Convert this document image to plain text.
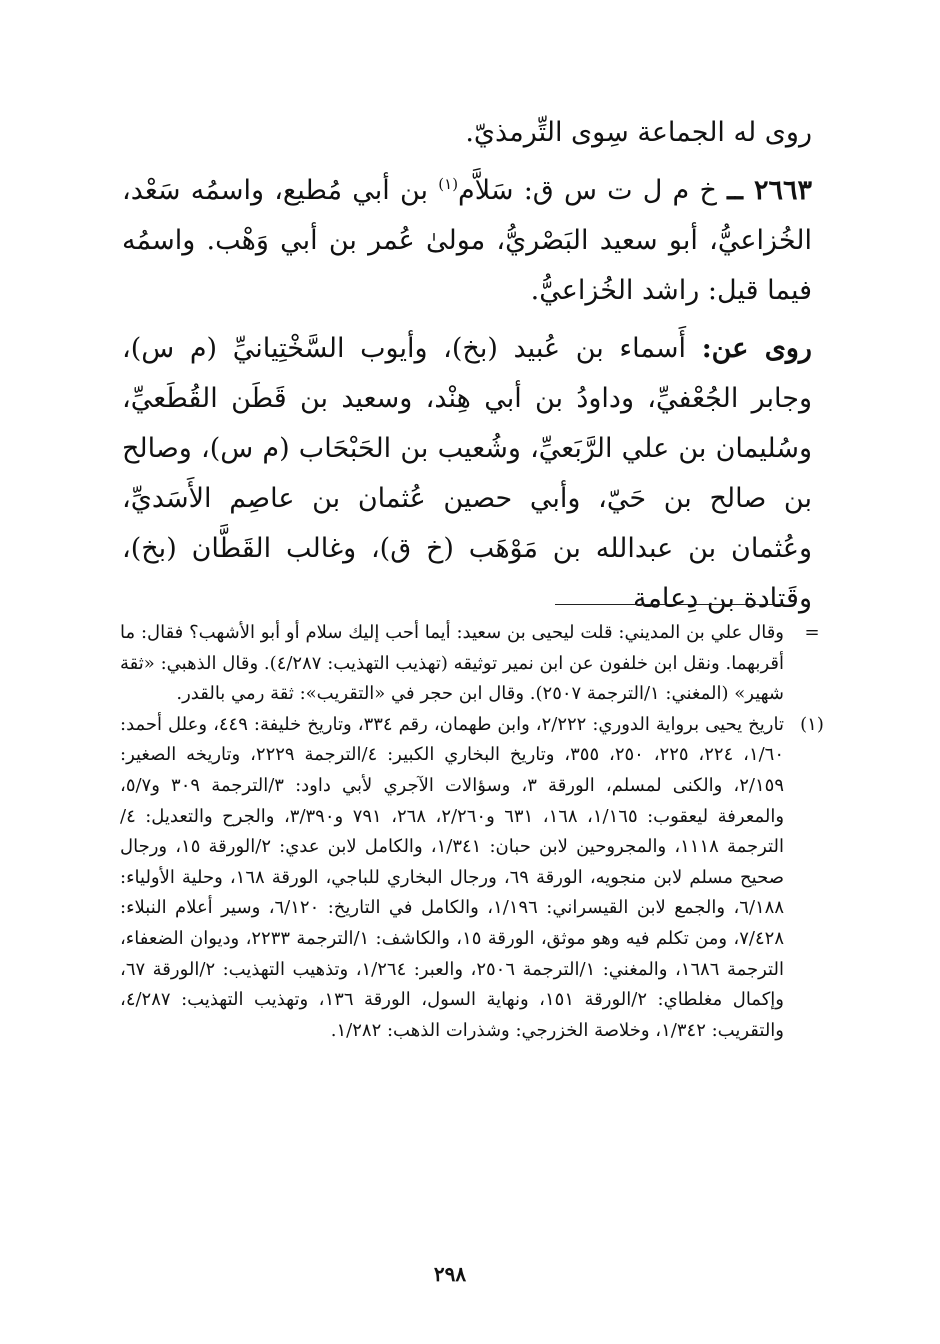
روى له الجماعة سِوى التِّرمذيّ.

٢٦٦٣ ــ خ م ل ت س ق: سَلاَّم$^{(١)}$ بن أبي مُطيع، واسمُه سَعْد، الخُزاعيُّ، أبو سعيد البَصْريُّ، مولىٰ عُمر بن أبي وَهْب. واسمُه فيما قيل: راشد الخُزاعيُّ.

روى عن: أَسماء بن عُبيد (بخ)، وأيوب السَّخْتِيانيِّ (م س)، وجابر الجُعْفيِّ، وداودُ بن أبي هِنْد، وسعيد بن قَطَن القُطَعيِّ، وسُليمان بن علي الرَّبَعيِّ، وشُعيب بن الحَبْحَاب (م س)، وصالح بن صالح بن حَيّ، وأبي حصين عُثمان بن عاصِم الأَسَديِّ، وعُثمان بن عبدالله بن مَوْهَب (خ ق)، وغالب القَطَّان (بخ)، وقَتادة بن دِعامة

=
وقال علي بن المديني: قلت ليحيى بن سعيد: أيما أحب إليك سلام أو أبو الأشهب؟ فقال: ما أقربهما. ونقل ابن خلفون عن ابن نمير توثيقه (تهذيب التهذيب: ٤/٢٨٧). وقال الذهبي: «ثقة شهير» (المغني: ١/الترجمة ٢٥٠٧). وقال ابن حجر في «التقريب»: ثقة رمي بالقدر.

(١)
تاريخ يحيى برواية الدوري: ٢/٢٢٢، وابن طهمان، رقم ٣٣٤، وتاريخ خليفة: ٤٤٩، وعلل أحمد: ١/٦٠، ٢٢٤، ٢٢٥، ٢٥٠، ٣٥٥، وتاريخ البخاري الكبير: ٤/الترجمة ٢٢٢٩، وتاريخه الصغير: ٢/١٥٩، والكنى لمسلم، الورقة ٣، وسؤالات الآجري لأبي داود: ٣/الترجمة ٣٠٩ و٥/٧، والمعرفة ليعقوب: ١/١٦٥، ١٦٨، ٦٣١ و٢/٢٦٠، ٢٦٨، ٧٩١ و٣/٣٩٠، والجرح والتعديل: ٤/الترجمة ١١١٨، والمجروحين لابن حبان: ١/٣٤١، والكامل لابن عدي: ٢/الورقة ١٥، ورجال صحيح مسلم لابن منجويه، الورقة ٦٩، ورجال البخاري للباجي، الورقة ١٦٨، وحلية الأولياء: ٦/١٨٨، والجمع لابن القيسراني: ١/١٩٦، والكامل في التاريخ: ٦/١٢٠، وسير أعلام النبلاء: ٧/٤٢٨، ومن تكلم فيه وهو موثق، الورقة ١٥، والكاشف: ١/الترجمة ٢٢٣٣، وديوان الضعفاء، الترجمة ١٦٨٦، والمغني: ١/الترجمة ٢٥٠٦، والعبر: ١/٢٦٤، وتذهيب التهذيب: ٢/الورقة ٦٧، وإكمال مغلطاي: ٢/الورقة ١٥١، ونهاية السول، الورقة ١٣٦، وتهذيب التهذيب: ٤/٢٨٧، والتقريب: ١/٣٤٢، وخلاصة الخزرجي: وشذرات الذهب: ١/٢٨٢.

٢٩٨
